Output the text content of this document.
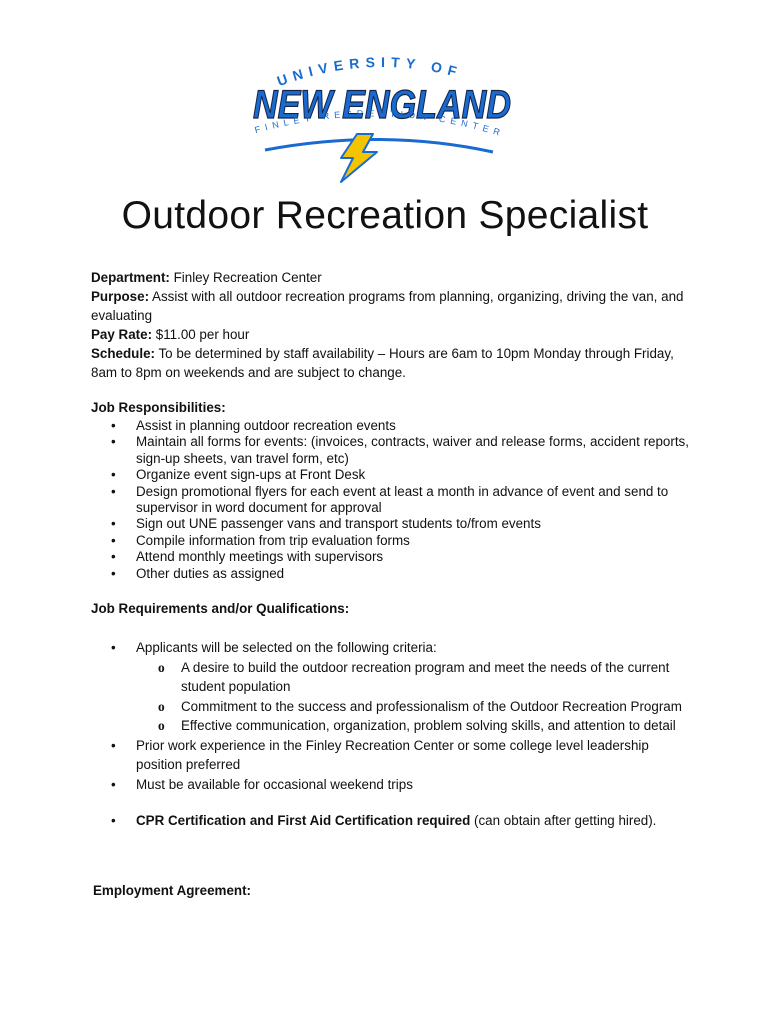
UNIVERSITY OF
NEW ENGLAND
FINLEY RECREATION CENTER
Outdoor Recreation Specialist
Department: Finley Recreation Center
Purpose: Assist with all outdoor recreation programs from planning, organizing, driving the van, and evaluating
Pay Rate: $11.00 per hour
Schedule: To be determined by staff availability – Hours are 6am to 10pm Monday through Friday, 8am to 8pm on weekends and are subject to change.
Job Responsibilities:
• Assist in planning outdoor recreation events
• Maintain all forms for events: (invoices, contracts, waiver and release forms, accident reports, sign-up sheets, van travel form, etc)
• Organize event sign-ups at Front Desk
• Design promotional flyers for each event at least a month in advance of event and send to supervisor in word document for approval
• Sign out UNE passenger vans and transport students to/from events
• Compile information from trip evaluation forms
• Attend monthly meetings with supervisors
• Other duties as assigned
Job Requirements and/or Qualifications:
• Applicants will be selected on the following criteria:
o A desire to build the outdoor recreation program and meet the needs of the current student population
o Commitment to the success and professionalism of the Outdoor Recreation Program
o Effective communication, organization, problem solving skills, and attention to detail
• Prior work experience in the Finley Recreation Center or some college level leadership position preferred
• Must be available for occasional weekend trips
• CPR Certification and First Aid Certification required (can obtain after getting hired).
Employment Agreement:
